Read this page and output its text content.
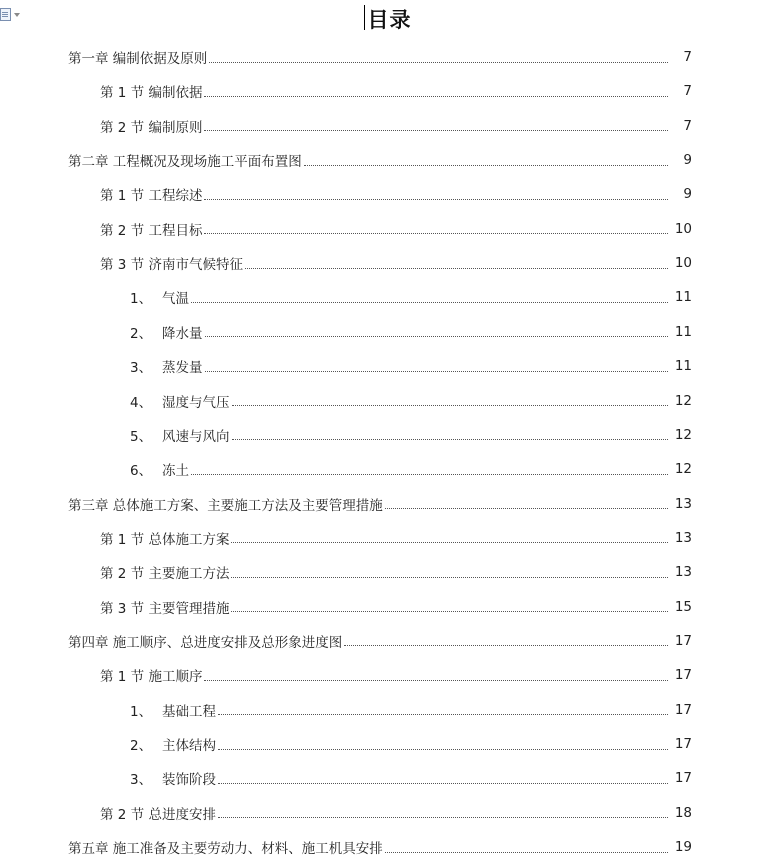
目录
第一章 编制依据及原则	7
第 1 节 编制依据	7
第 2 节 编制原则	7
第二章 工程概况及现场施工平面布置图	9
第 1 节 工程综述	9
第 2 节 工程目标	10
第 3 节 济南市气候特征	10
1、 气温	11
2、 降水量	11
3、 蒸发量	11
4、 湿度与气压	12
5、 风速与风向	12
6、 冻土	12
第三章 总体施工方案、主要施工方法及主要管理措施	13
第 1 节 总体施工方案	13
第 2 节 主要施工方法	13
第 3 节 主要管理措施	15
第四章 施工顺序、总进度安排及总形象进度图	17
第 1 节 施工顺序	17
1、 基础工程	17
2、 主体结构	17
3、 装饰阶段	17
第 2 节 总进度安排	18
第五章 施工准备及主要劳动力、材料、施工机具安排	19
